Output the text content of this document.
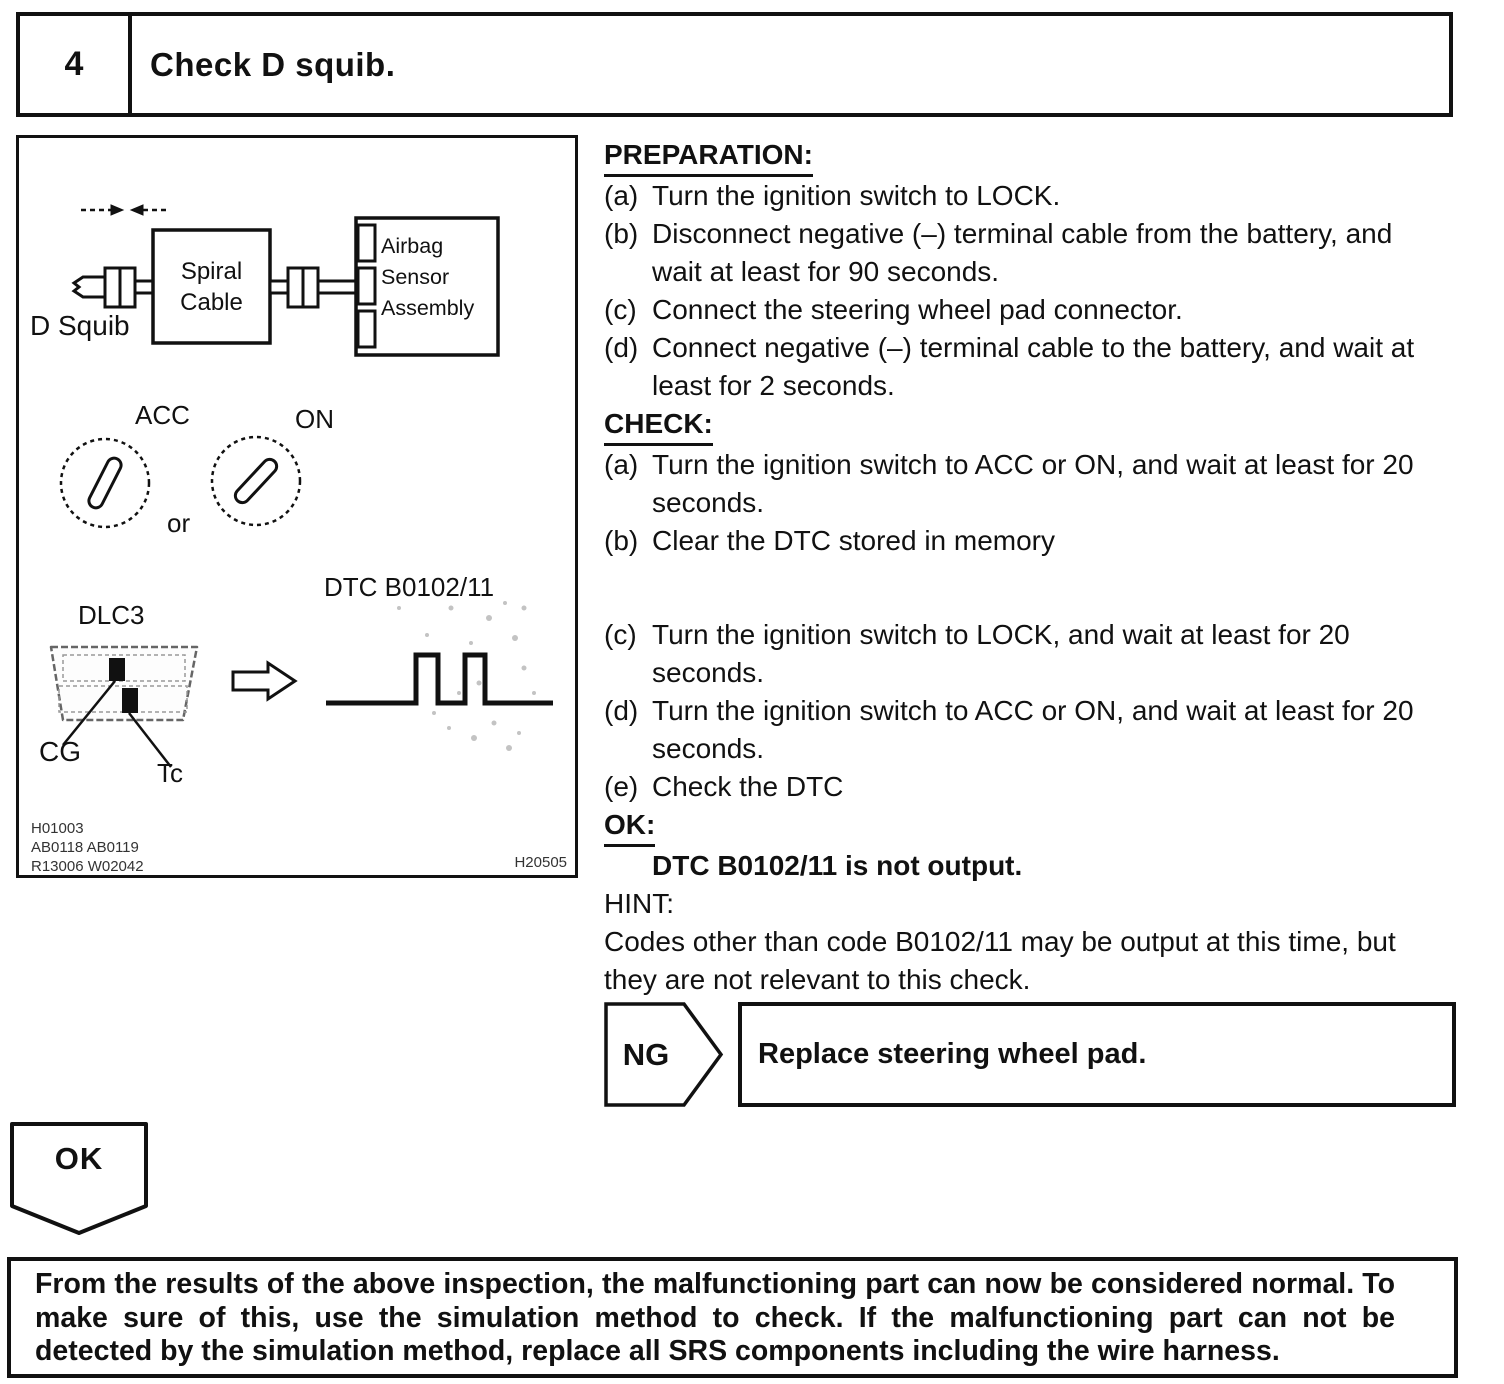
4	Check D squib.
D Squib
Spiral Cable
Airbag Sensor Assembly
ACC	ON
or
DTC B0102/11
DLC3
CG
Tc
H01003
AB0118 AB0119
R13006 W02042	H20505
PREPARATION:
(a) Turn the ignition switch to LOCK.
(b) Disconnect negative (–) terminal cable from the battery, and wait at least for 90 seconds.
(c) Connect the steering wheel pad connector.
(d) Connect negative (–) terminal cable to the battery, and wait at least for 2 seconds.
CHECK:
(a) Turn the ignition switch to ACC or ON, and wait at least for 20 seconds.
(b) Clear the DTC stored in memory
(c) Turn the ignition switch to LOCK, and wait at least for 20 seconds.
(d) Turn the ignition switch to ACC or ON, and wait at least for 20 seconds.
(e) Check the DTC
OK:
DTC B0102/11 is not output.
HINT:
Codes other than code B0102/11 may be output at this time, but they are not relevant to this check.
NG	Replace steering wheel pad.
OK
From the results of the above inspection, the malfunctioning part can now be considered normal. To make sure of this, use the simulation method to check. If the malfunctioning part can not be detected by the simulation method, replace all SRS components including the wire harness.
